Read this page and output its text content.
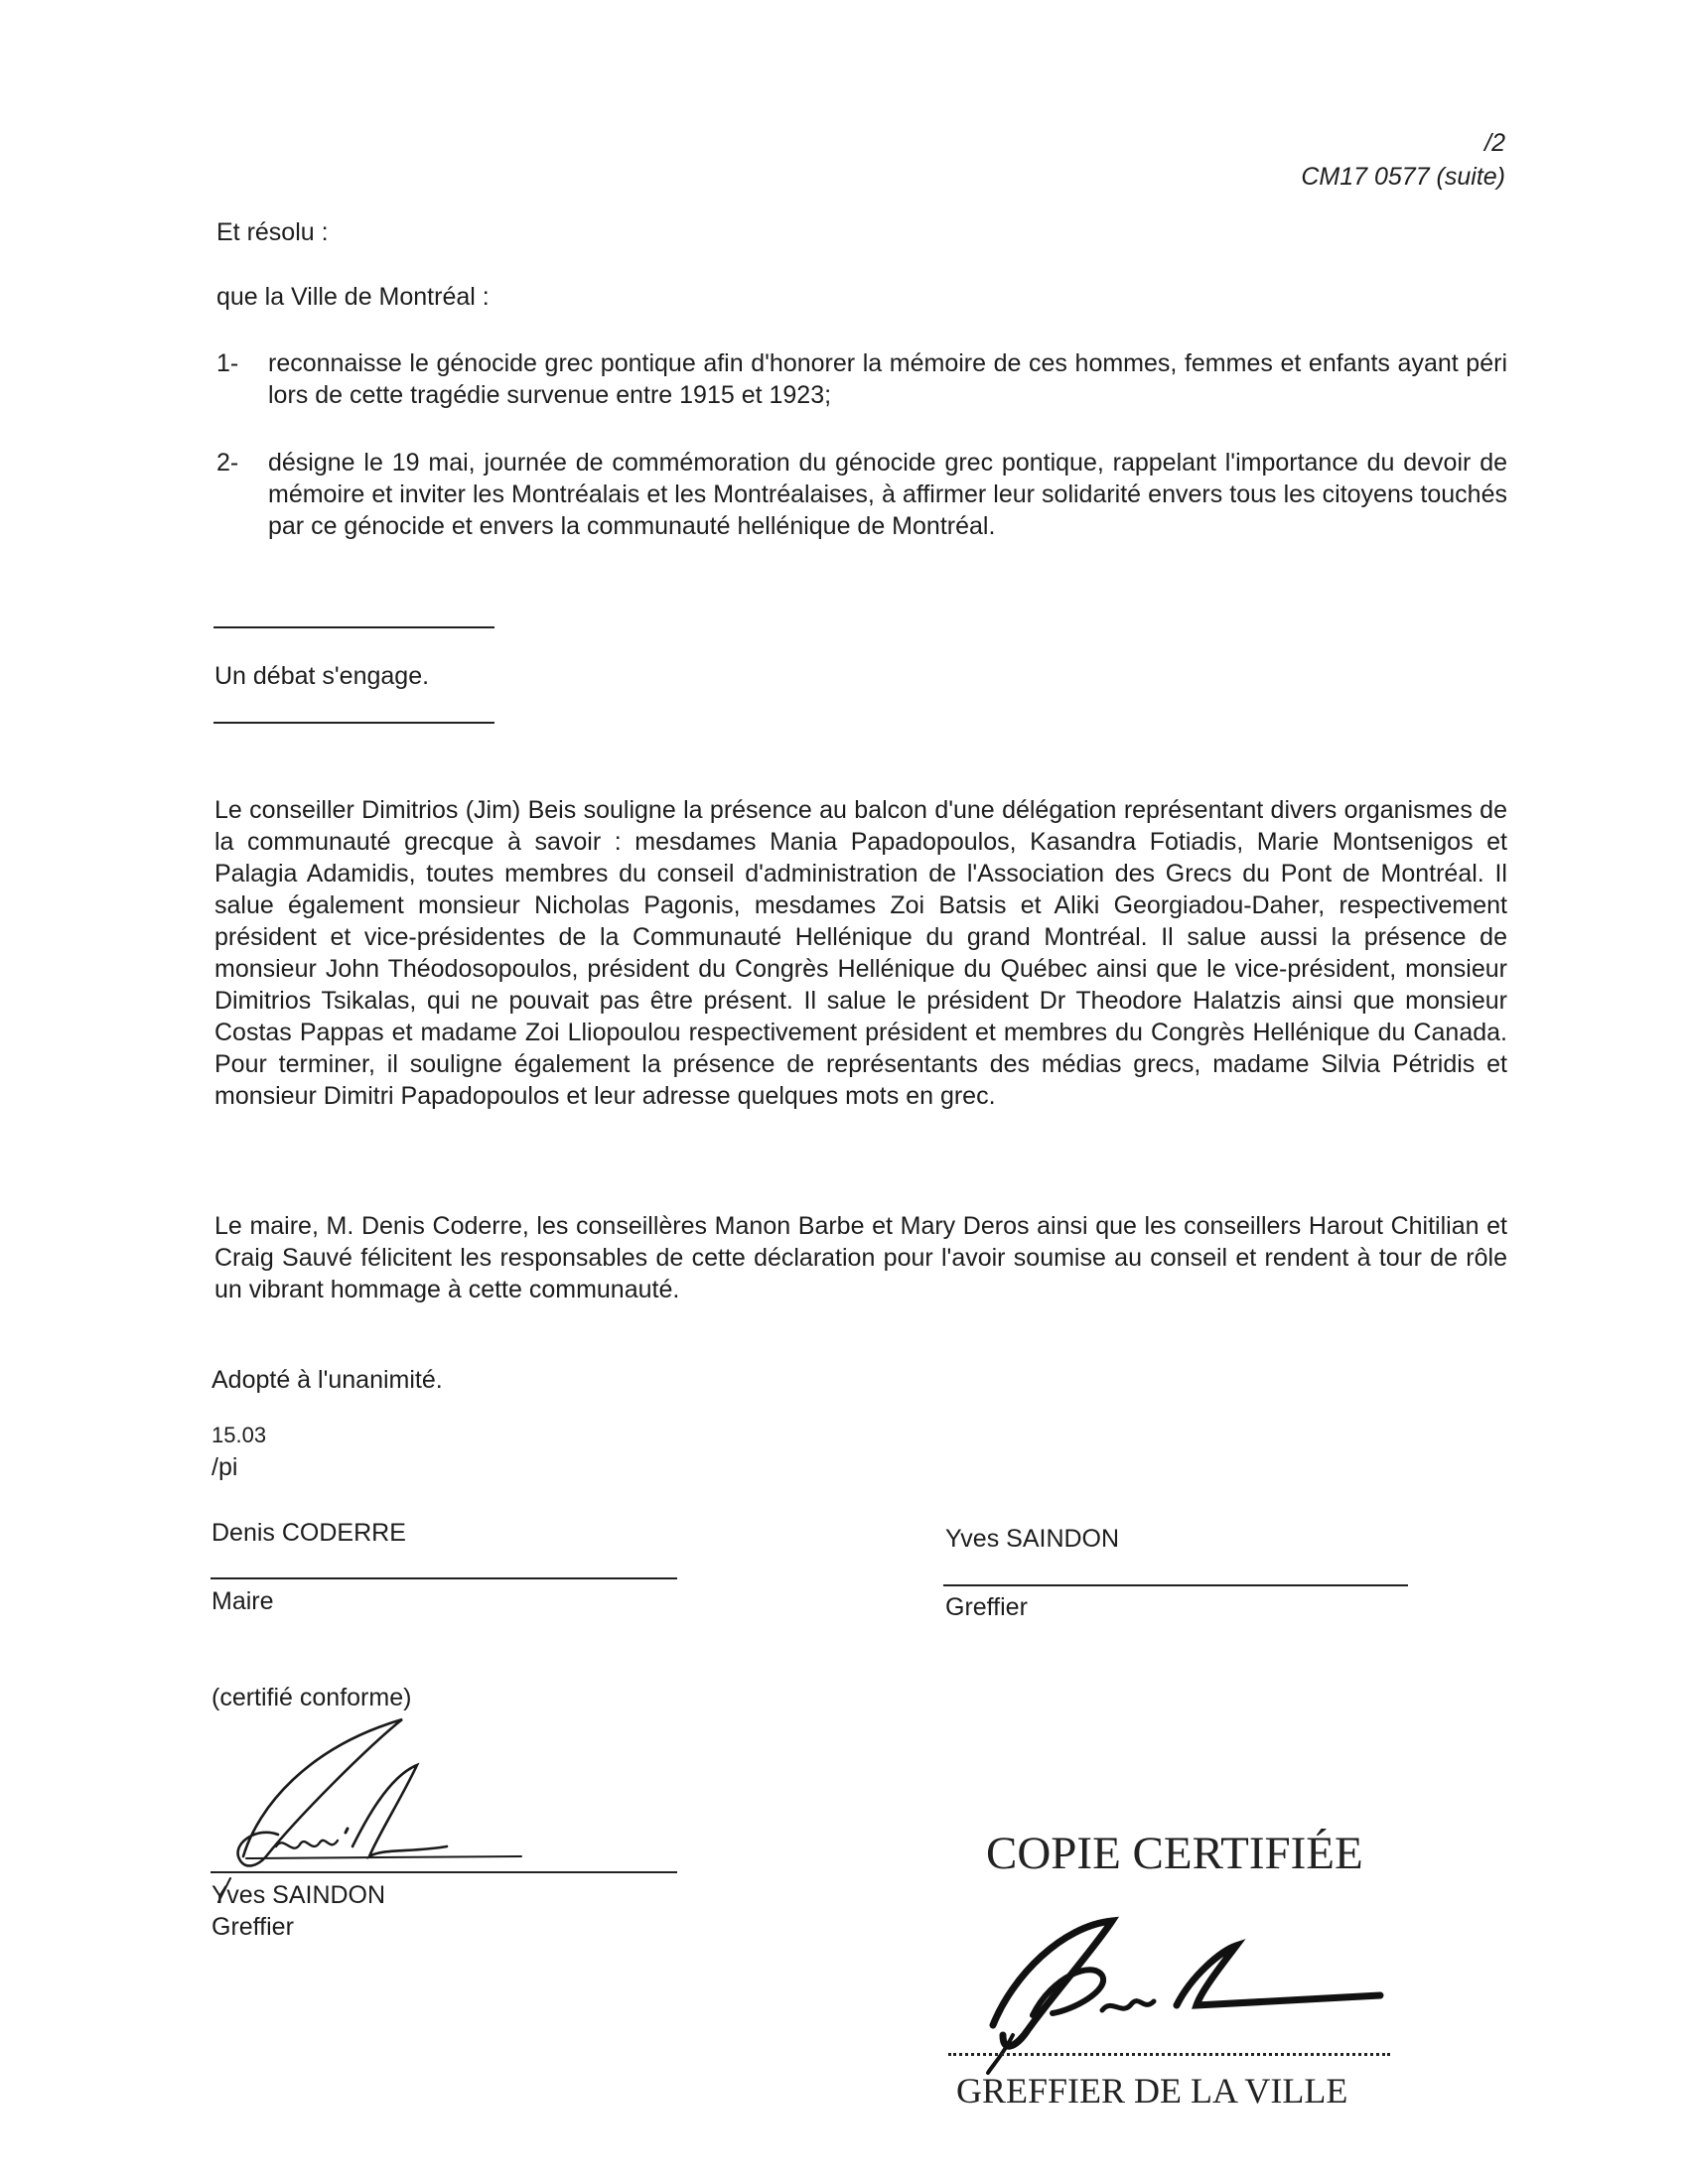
/2
CM17 0577 (suite)
Et résolu :
que la Ville de Montréal :
1- reconnaisse le génocide grec pontique afin d'honorer la mémoire de ces hommes, femmes et enfants ayant péri lors de cette tragédie survenue entre 1915 et 1923;
2- désigne le 19 mai, journée de commémoration du génocide grec pontique, rappelant l'importance du devoir de mémoire et inviter les Montréalais et les Montréalaises, à affirmer leur solidarité envers tous les citoyens touchés par ce génocide et envers la communauté hellénique de Montréal.
Un débat s'engage.
Le conseiller Dimitrios (Jim) Beis souligne la présence au balcon d'une délégation représentant divers organismes de la communauté grecque à savoir : mesdames Mania Papadopoulos, Kasandra Fotiadis, Marie Montsenigos et Palagia Adamidis, toutes membres du conseil d'administration de l'Association des Grecs du Pont de Montréal. Il salue également monsieur Nicholas Pagonis, mesdames Zoi Batsis et Aliki Georgiadou-Daher, respectivement président et vice-présidentes de la Communauté Hellénique du grand Montréal. Il salue aussi la présence de monsieur John Théodosopoulos, président du Congrès Hellénique du Québec ainsi que le vice-président, monsieur Dimitrios Tsikalas, qui ne pouvait pas être présent. Il salue le président Dr Theodore Halatzis ainsi que monsieur Costas Pappas et madame Zoi Lliopoulou respectivement président et membres du Congrès Hellénique du Canada. Pour terminer, il souligne également la présence de représentants des médias grecs, madame Silvia Pétridis et monsieur Dimitri Papadopoulos et leur adresse quelques mots en grec.
Le maire, M. Denis Coderre, les conseillères Manon Barbe et Mary Deros ainsi que les conseillers Harout Chitilian et Craig Sauvé félicitent les responsables de cette déclaration pour l'avoir soumise au conseil et rendent à tour de rôle un vibrant hommage à cette communauté.
Adopté à l'unanimité.
15.03
/pi
Denis CODERRE
Maire
Yves SAINDON
Greffier
(certifié conforme)
Yves SAINDON
Greffier
COPIE CERTIFIÉE
GREFFIER DE LA VILLE
